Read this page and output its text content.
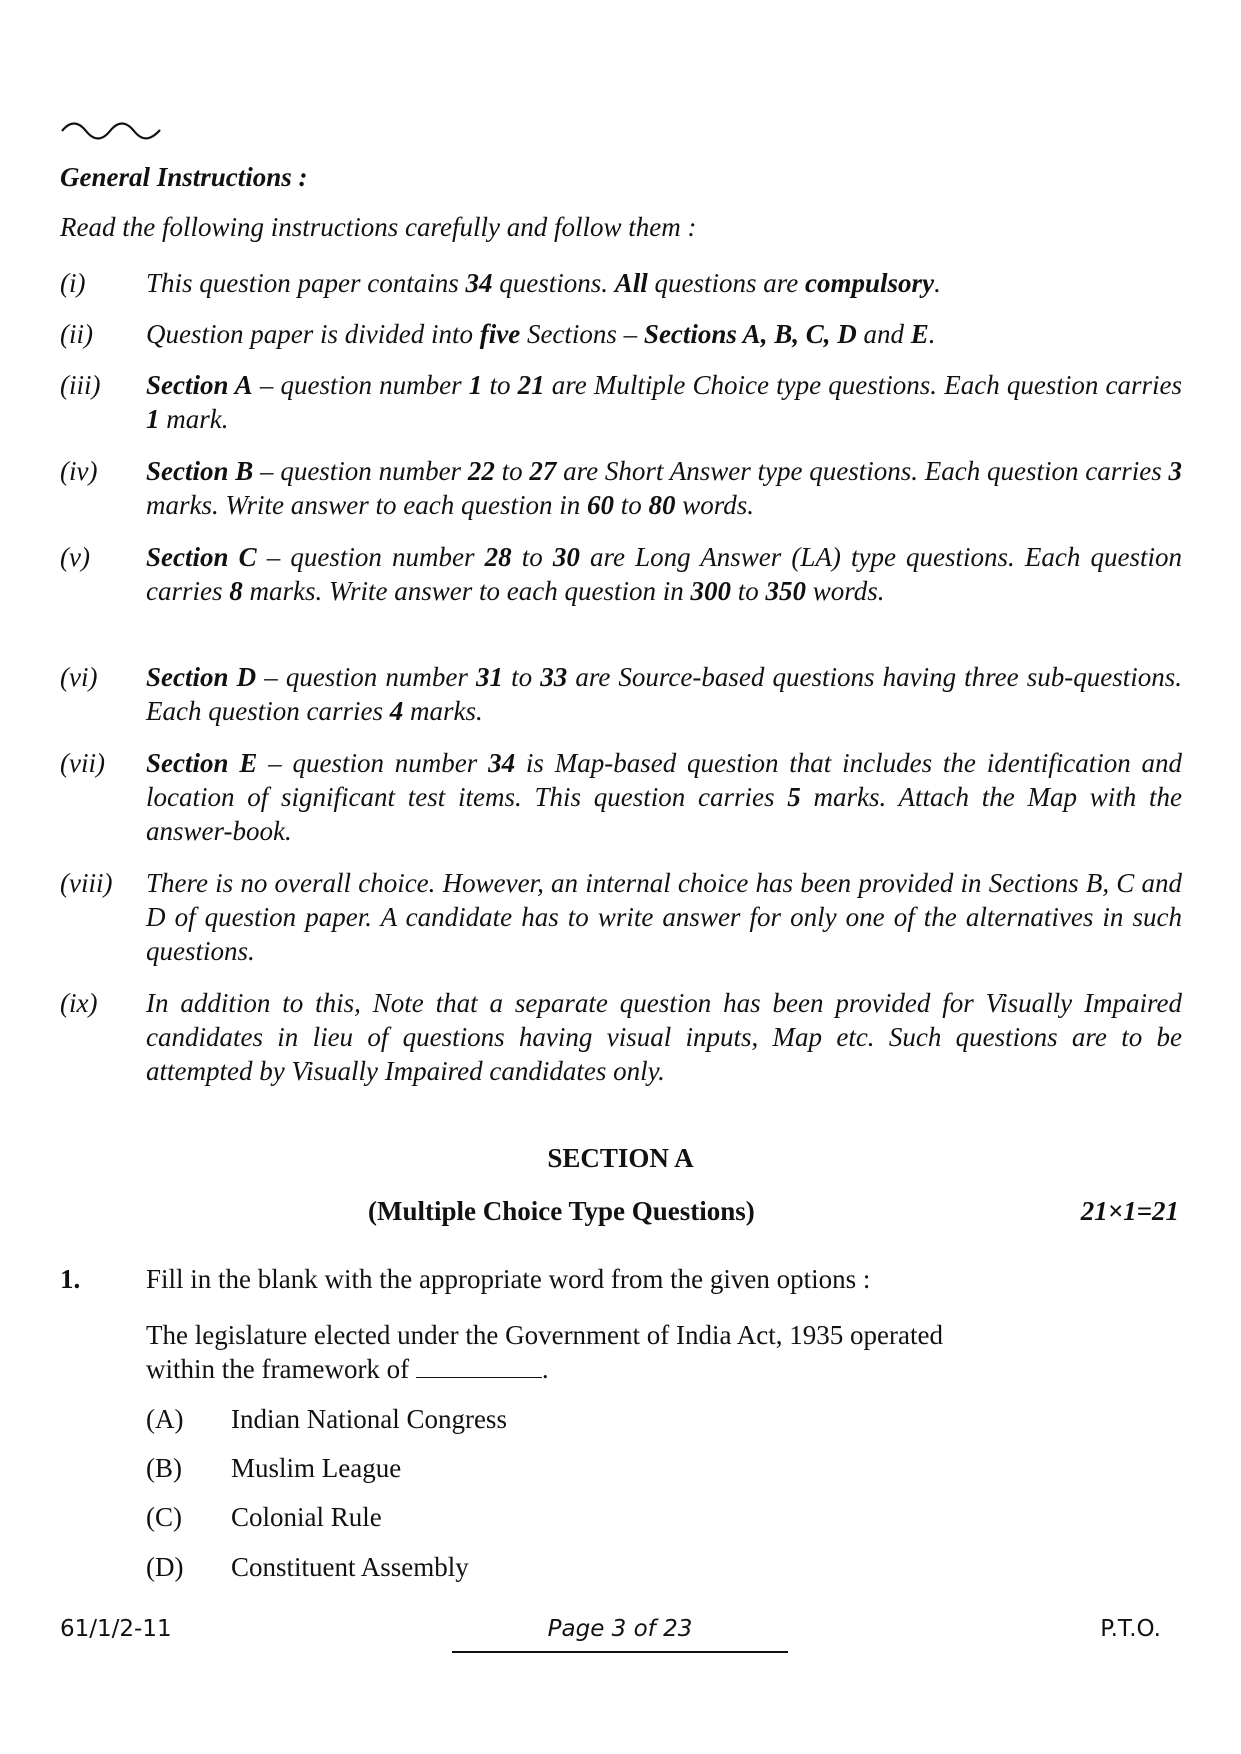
General Instructions :
Read the following instructions carefully and follow them :
(i) This question paper contains 34 questions. All questions are compulsory.
(ii) Question paper is divided into five Sections – Sections A, B, C, D and E.
(iii) Section A – question number 1 to 21 are Multiple Choice type questions. Each question carries 1 mark.
(iv) Section B – question number 22 to 27 are Short Answer type questions. Each question carries 3 marks. Write answer to each question in 60 to 80 words.
(v) Section C – question number 28 to 30 are Long Answer (LA) type questions. Each question carries 8 marks. Write answer to each question in 300 to 350 words.
(vi) Section D – question number 31 to 33 are Source-based questions having three sub-questions. Each question carries 4 marks.
(vii) Section E – question number 34 is Map-based question that includes the identification and location of significant test items. This question carries 5 marks. Attach the Map with the answer-book.
(viii) There is no overall choice. However, an internal choice has been provided in Sections B, C and D of question paper. A candidate has to write answer for only one of the alternatives in such questions.
(ix) In addition to this, Note that a separate question has been provided for Visually Impaired candidates in lieu of questions having visual inputs, Map etc. Such questions are to be attempted by Visually Impaired candidates only.
SECTION A
(Multiple Choice Type Questions)	21×1=21
1. Fill in the blank with the appropriate word from the given options :
The legislature elected under the Government of India Act, 1935 operated
within the framework of	.
(A) Indian National Congress
(B) Muslim League
(C) Colonial Rule
(D) Constituent Assembly
61/1/2-11	Page 3 of 23	P.T.O.
